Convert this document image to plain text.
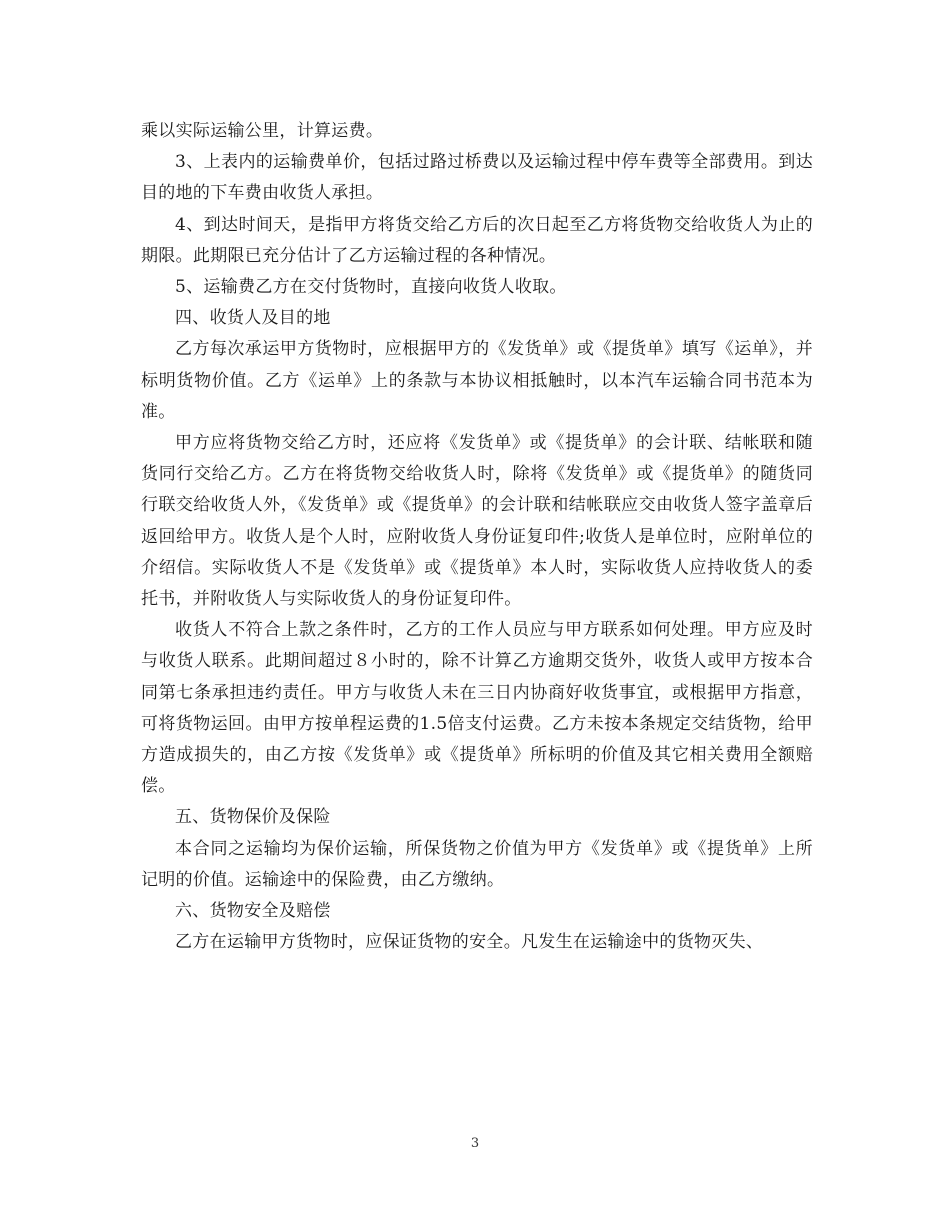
乘以实际运输公里，计算运费。

3、上表内的运输费单价，包括过路过桥费以及运输过程中停车费等全部费用。到达目的地的下车费由收货人承担。

4、到达时间天，是指甲方将货交给乙方后的次日起至乙方将货物交给收货人为止的期限。此期限已充分估计了乙方运输过程的各种情况。

5、运输费乙方在交付货物时，直接向收货人收取。

四、收货人及目的地

乙方每次承运甲方货物时，应根据甲方的《发货单》或《提货单》填写《运单》，并标明货物价值。乙方《运单》上的条款与本协议相抵触时，以本汽车运输合同书范本为准。

甲方应将货物交给乙方时，还应将《发货单》或《提货单》的会计联、结帐联和随货同行交给乙方。乙方在将货物交给收货人时，除将《发货单》或《提货单》的随货同行联交给收货人外，《发货单》或《提货单》的会计联和结帐联应交由收货人签字盖章后返回给甲方。收货人是个人时，应附收货人身份证复印件;收货人是单位时，应附单位的介绍信。实际收货人不是《发货单》或《提货单》本人时，实际收货人应持收货人的委托书，并附收货人与实际收货人的身份证复印件。

收货人不符合上款之条件时，乙方的工作人员应与甲方联系如何处理。甲方应及时与收货人联系。此期间超过８小时的，除不计算乙方逾期交货外，收货人或甲方按本合同第七条承担违约责任。甲方与收货人未在三日内协商好收货事宜，或根据甲方指意，可将货物运回。由甲方按单程运费的1.5倍支付运费。乙方未按本条规定交结货物，给甲方造成损失的，由乙方按《发货单》或《提货单》所标明的价值及其它相关费用全额赔偿。

五、货物保价及保险

本合同之运输均为保价运输，所保货物之价值为甲方《发货单》或《提货单》上所记明的价值。运输途中的保险费，由乙方缴纳。

六、货物安全及赔偿

乙方在运输甲方货物时，应保证货物的安全。凡发生在运输途中的货物灭失、

3
